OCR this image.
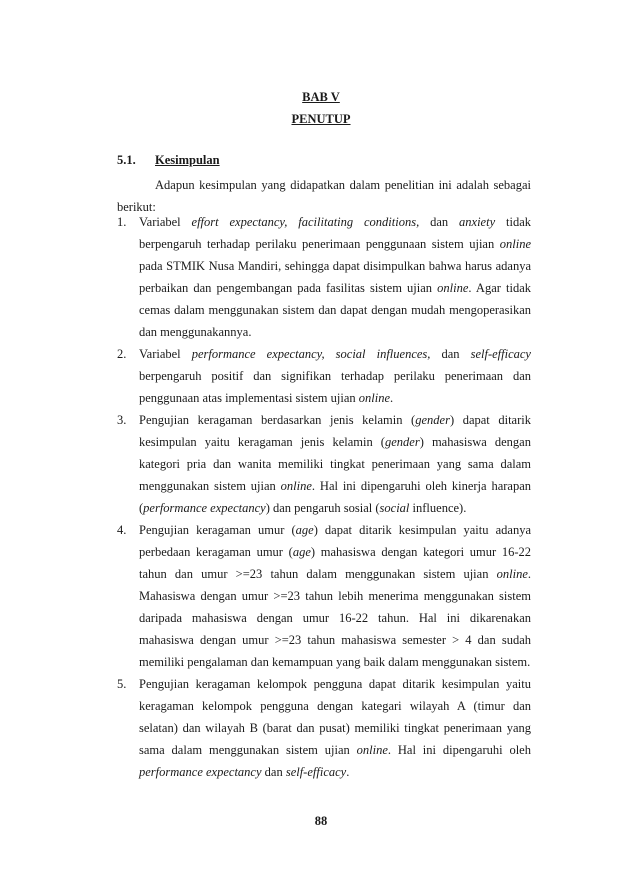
BAB V
PENUTUP
5.1. Kesimpulan

Adapun kesimpulan yang didapatkan dalam penelitian ini adalah sebagai berikut:

1. Variabel effort expectancy, facilitating conditions, dan anxiety tidak berpengaruh terhadap perilaku penerimaan penggunaan sistem ujian online pada STMIK Nusa Mandiri, sehingga dapat disimpulkan bahwa harus adanya perbaikan dan pengembangan pada fasilitas sistem ujian online. Agar tidak cemas dalam menggunakan sistem dan dapat dengan mudah mengoperasikan dan menggunakannya.
2. Variabel performance expectancy, social influences, dan self-efficacy berpengaruh positif dan signifikan terhadap perilaku penerimaan dan penggunaan atas implementasi sistem ujian online.
3. Pengujian keragaman berdasarkan jenis kelamin (gender) dapat ditarik kesimpulan yaitu keragaman jenis kelamin (gender) mahasiswa dengan kategori pria dan wanita memiliki tingkat penerimaan yang sama dalam menggunakan sistem ujian online. Hal ini dipengaruhi oleh kinerja harapan (performance expectancy) dan pengaruh sosial (social influence).
4. Pengujian keragaman umur (age) dapat ditarik kesimpulan yaitu adanya perbedaan keragaman umur (age) mahasiswa dengan kategori umur 16-22 tahun dan umur >=23 tahun dalam menggunakan sistem ujian online. Mahasiswa dengan umur >=23 tahun lebih menerima menggunakan sistem daripada mahasiswa dengan umur 16-22 tahun. Hal ini dikarenakan mahasiswa dengan umur >=23 tahun mahasiswa semester > 4 dan sudah memiliki pengalaman dan kemampuan yang baik dalam menggunakan sistem.
5. Pengujian keragaman kelompok pengguna dapat ditarik kesimpulan yaitu keragaman kelompok pengguna dengan kategari wilayah A (timur dan selatan) dan wilayah B (barat dan pusat) memiliki tingkat penerimaan yang sama dalam menggunakan sistem ujian online. Hal ini dipengaruhi oleh performance expectancy dan self-efficacy.
88
